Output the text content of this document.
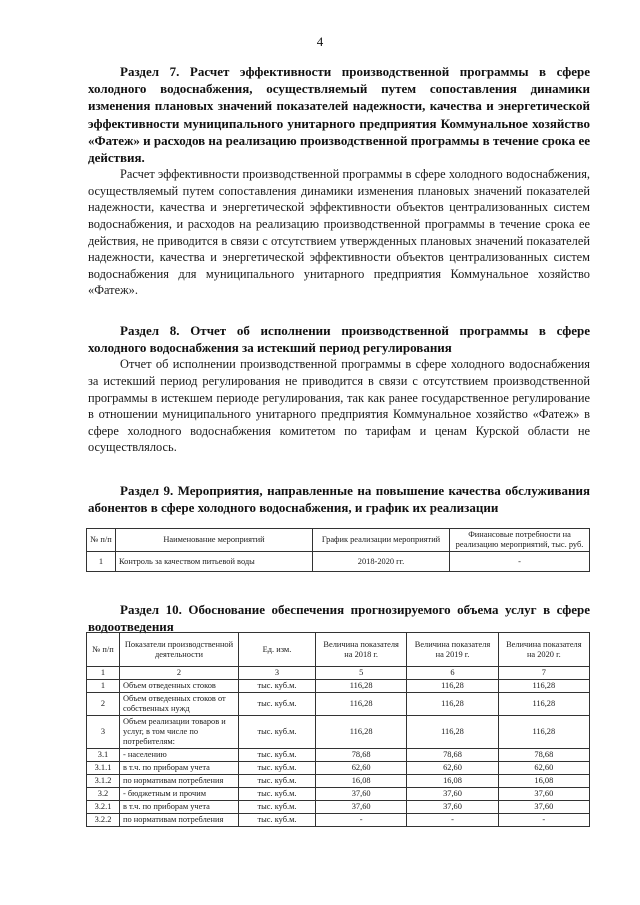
4

Раздел 7. Расчет эффективности производственной программы в сфере холодного водоснабжения, осуществляемый путем сопоставления динамики изменения плановых значений показателей надежности, качества и энергетической эффективности муниципального унитарного предприятия Коммунальное хозяйство «Фатеж» и расходов на реализацию производственной программы в течение срока ее действия.

Расчет эффективности производственной программы в сфере холодного водоснабжения, осуществляемый путем сопоставления динамики изменения плановых значений показателей надежности, качества и энергетической эффективности объектов централизованных систем водоснабжения, и расходов на реализацию производственной программы в течение срока ее действия, не приводится в связи с отсутствием утвержденных плановых значений показателей надежности, качества и энергетической эффективности объектов централизованных систем водоснабжения для муниципального унитарного предприятия Коммунальное хозяйство «Фатеж».

Раздел 8. Отчет об исполнении производственной программы в сфере холодного водоснабжения за истекший период регулирования

Отчет об исполнении производственной программы в сфере холодного водоснабжения за истекший период регулирования не приводится в связи с отсутствием производственной программы в истекшем периоде регулирования, так как ранее государственное регулирование в отношении муниципального унитарного предприятия Коммунальное хозяйство «Фатеж» в сфере холодного водоснабжения комитетом по тарифам и ценам Курской области не осуществлялось.

Раздел 9. Мероприятия, направленные на повышение качества обслуживания абонентов в сфере холодного водоснабжения, и график их реализации

№ п/п	Наименование мероприятий	График реализации мероприятий	Финансовые потребности на реализацию мероприятий, тыс. руб.
1	Контроль за качеством питьевой воды	2018-2020 гг.	-

Раздел 10. Обоснование обеспечения прогнозируемого объема услуг в сфере водоотведения

№ п/п	Показатели производственной деятельности	Ед. изм.	Величина показателя на 2018 г.	Величина показателя на 2019 г.	Величина показателя на 2020 г.
1	2	3	5	6	7
1	Объем отведенных стоков	тыс. куб.м.	116,28	116,28	116,28
2	Объем отведенных стоков от собственных нужд	тыс. куб.м.	116,28	116,28	116,28
3	Объем реализации товаров и услуг, в том числе по потребителям:	тыс. куб.м.	116,28	116,28	116,28
3.1	- населению	тыс. куб.м.	78,68	78,68	78,68
3.1.1	в т.ч. по приборам учета	тыс. куб.м.	62,60	62,60	62,60
3.1.2	по нормативам потребления	тыс. куб.м.	16,08	16,08	16,08
3.2	- бюджетным и прочим	тыс. куб.м.	37,60	37,60	37,60
3.2.1	в т.ч. по приборам учета	тыс. куб.м.	37,60	37,60	37,60
3.2.2	по нормативам потребления	тыс. куб.м.	-	-	-
